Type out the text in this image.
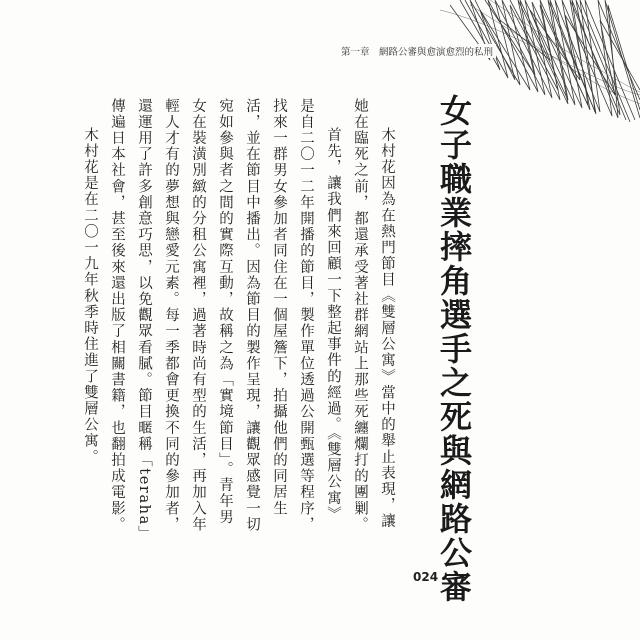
第一章　網路公審與愈演愈烈的私刑
女子職業摔角選手之死與網路公審

木村花因為在熱門節目《雙層公寓》當中的舉止表現，讓她在臨死之前，都還承受著社群網站上那些死纏爛打的團剿。

首先，讓我們來回顧一下整起事件的經過。《雙層公寓》是自二〇一二年開播的節目，製作單位透過公開甄選等程序，找來一群男女參加者同住在一個屋簷下，拍攝他們的同居生活，並在節目中播出。因為節目的製作呈現，讓觀眾感覺一切宛如參與者之間的實際互動，故稱之為「實境節目」。青年男女在裝潢別緻的分租公寓裡，過著時尚有型的生活，再加入年輕人才有的夢想與戀愛元素。每一季都會更換不同的參加者，還運用了許多創意巧思，以免觀眾看膩。節目暱稱「teraha」傳遍日本社會，甚至後來還出版了相關書籍，也翻拍成電影。

木村花是在二〇一九年秋季時住進了雙層公寓。

024
